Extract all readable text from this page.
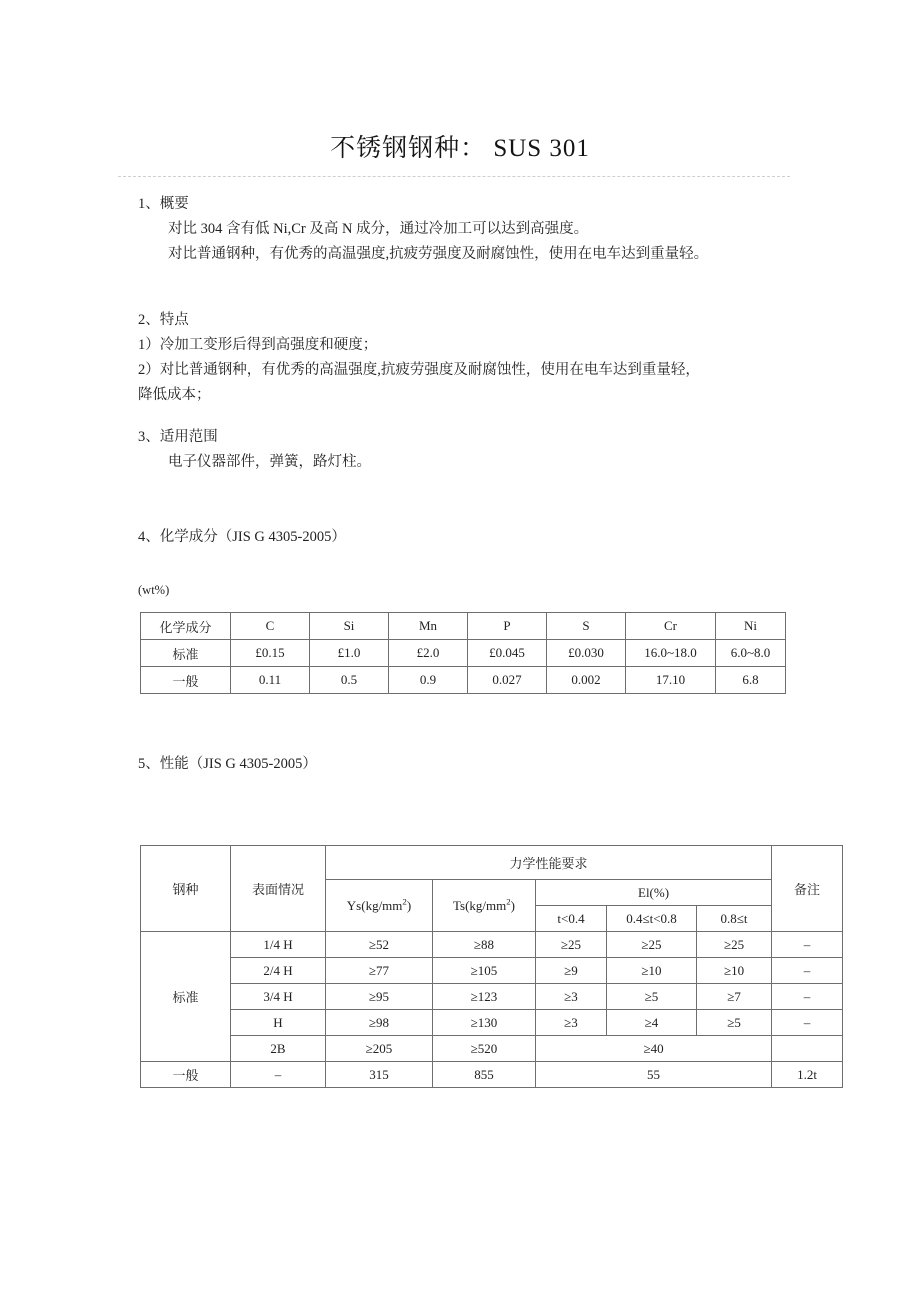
不锈钢钢种： SUS 301
1、概要
对比 304 含有低 Ni,Cr 及高 N 成分，通过冷加工可以达到高强度。
对比普通钢种，有优秀的高温强度,抗疲劳强度及耐腐蚀性，使用在电车达到重量轻。
2、特点
1）冷加工变形后得到高强度和硬度；
2）对比普通钢种，有优秀的高温强度,抗疲劳强度及耐腐蚀性，使用在电车达到重量轻，
降低成本；
3、适用范围
电子仪器部件，弹簧，路灯柱。
4、化学成分（JIS G 4305-2005）
(wt%)
化学成分	C	Si	Mn	P	S	Cr	Ni
标准	£0.15	£1.0	£2.0	£0.045	£0.030	16.0~18.0	6.0~8.0
一般	0.11	0.5	0.9	0.027	0.002	17.10	6.8
5、性能（JIS G 4305-2005）
钢种	表面情况	力学性能要求					备注
		$Ys(kg/mm^2)$	$Ts(kg/mm^2)$	El(%)			
				t<0.4	0.4≤t<0.8	0.8≤t	
标准	1/4 H	≥52	≥88	≥25	≥25	≥25	–
	2/4 H	≥77	≥105	≥9	≥10	≥10	–
	3/4 H	≥95	≥123	≥3	≥5	≥7	–
	H	≥98	≥130	≥3	≥4	≥5	–
	2B	≥205	≥520	≥40			
一般	–	315	855	55			1.2t
